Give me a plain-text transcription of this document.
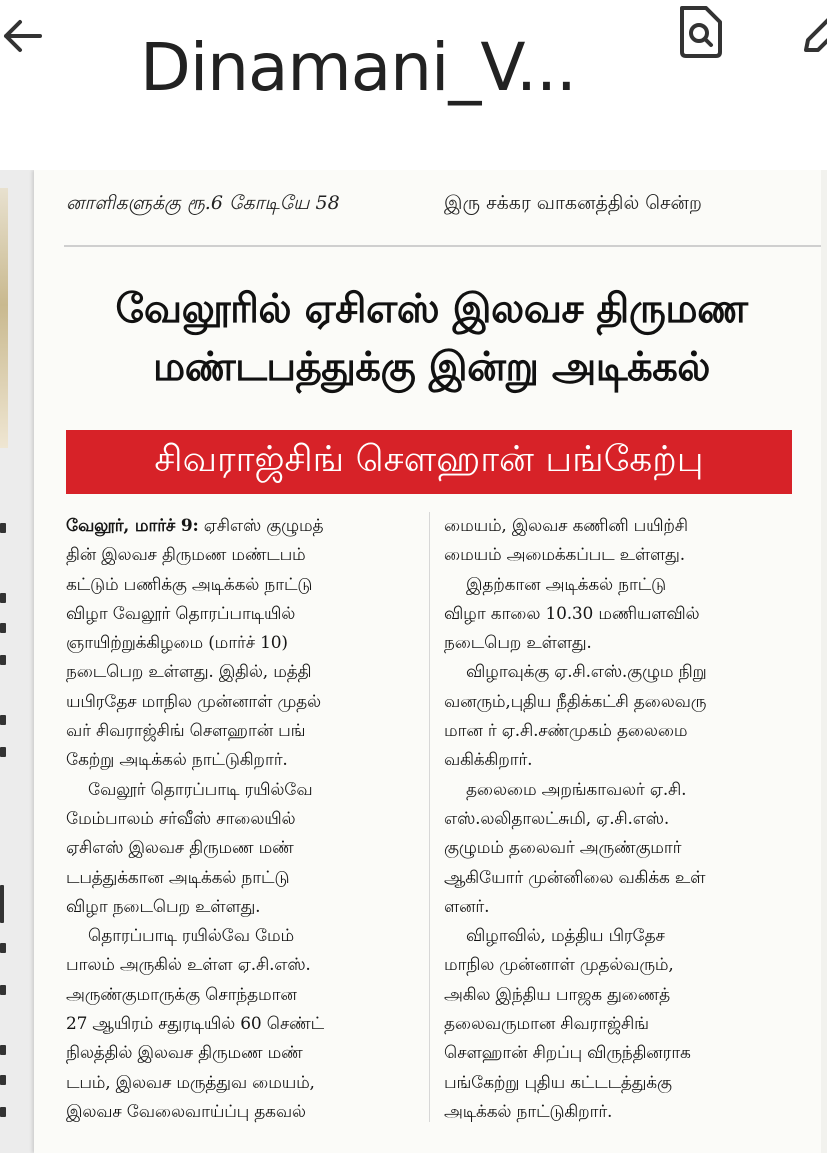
Dinamani_V...
னாளிகளுக்கு ரூ.6 கோடியே 58	இரு சக்கர வாகனத்தில் சென்ற
வேலூரில் ஏசிஎஸ் இலவச திருமண
மண்டபத்துக்கு இன்று அடிக்கல்
சிவராஜ்சிங் செளஹான் பங்கேற்பு

வேலூர், மார்ச் 9: ஏசிஎஸ் குழுமத்

தின் இலவச திருமண மண்டபம்

கட்டும் பணிக்கு அடிக்கல் நாட்டு

விழா வேலூர் தொரப்பாடியில்

ஞாயிற்றுக்கிழமை (மார்ச் 10)

நடைபெற உள்ளது. இதில், மத்தி

யபிரதேச மாநில முன்னாள் முதல்

வர் சிவராஜ்சிங் செளஹான் பங்

கேற்று அடிக்கல் நாட்டுகிறார்.

வேலூர் தொரப்பாடி ரயில்வே

மேம்பாலம் சர்வீஸ் சாலையில்

ஏசிஎஸ் இலவச திருமண மண்

டபத்துக்கான அடிக்கல் நாட்டு

விழா நடைபெற உள்ளது.

தொரப்பாடி ரயில்வே மேம்

பாலம் அருகில் உள்ள ஏ.சி.எஸ்.

அருண்குமாருக்கு சொந்தமான

27 ஆயிரம் சதுரடியில் 60 செண்ட்

நிலத்தில் இலவச திருமண மண்

டபம், இலவச மருத்துவ மையம்,

இலவச வேலைவாய்ப்பு தகவல்

மையம், இலவச கணினி பயிற்சி

மையம் அமைக்கப்பட உள்ளது.

இதற்கான அடிக்கல் நாட்டு

விழா காலை 10.30 மணியளவில்

நடைபெற உள்ளது.

விழாவுக்கு ஏ.சி.எஸ்.குழும நிறு

வனரும்,புதிய நீதிக்கட்சி தலைவரு

மான ர் ஏ.சி.சண்முகம் தலைமை

வகிக்கிறார்.

தலைமை அறங்காவலர் ஏ.சி.

எஸ்.லலிதாலட்சுமி, ஏ.சி.எஸ்.

குழுமம் தலைவர் அருண்குமார்

ஆகியோர் முன்னிலை வகிக்க உள்

ளனர்.

விழாவில், மத்திய பிரதேச

மாநில முன்னாள் முதல்வரும்,

அகில இந்திய பாஜக துணைத்

தலைவருமான சிவராஜ்சிங்

செளஹான் சிறப்பு விருந்தினராக

பங்கேற்று புதிய கட்டடத்துக்கு

அடிக்கல் நாட்டுகிறார்.
